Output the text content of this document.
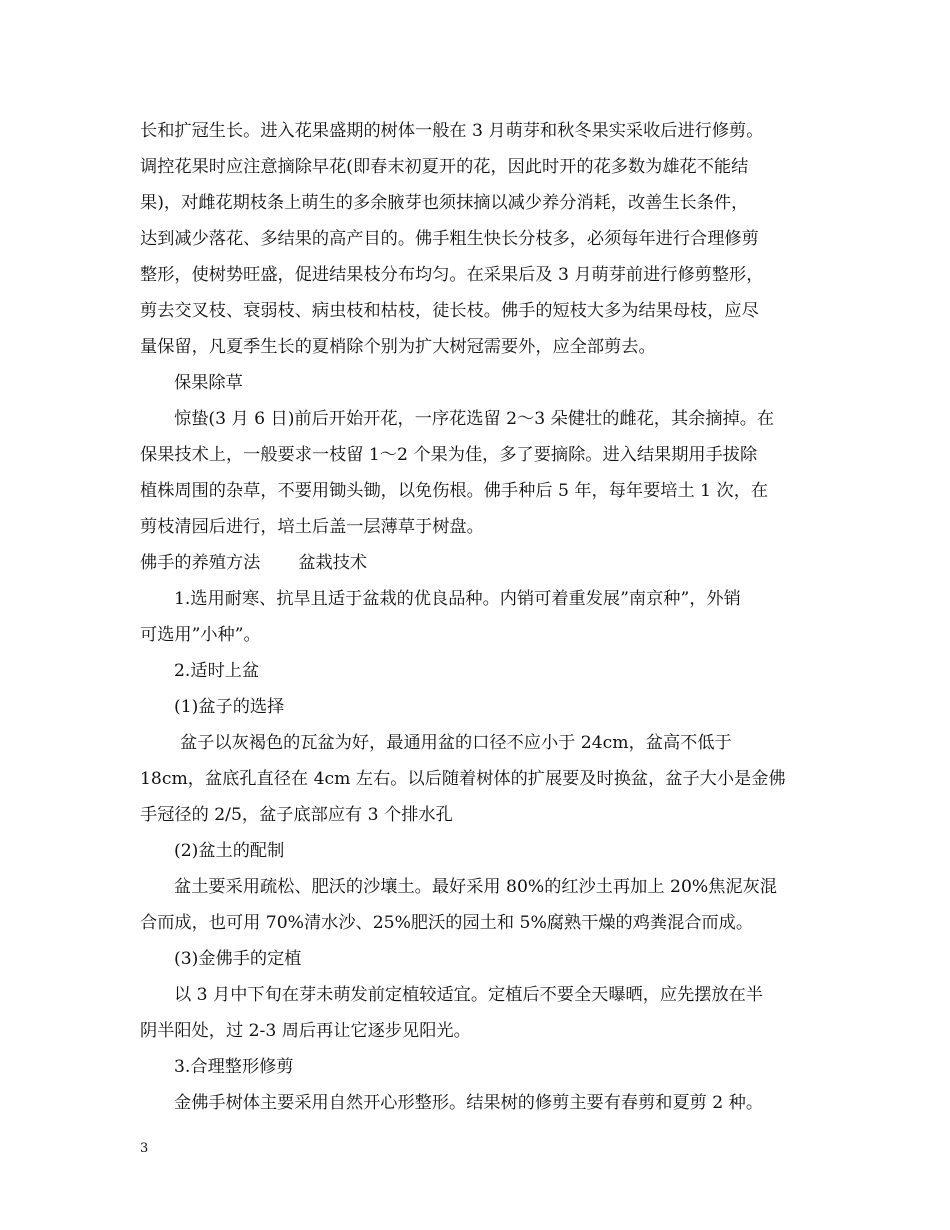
长和扩冠生长。进入花果盛期的树体一般在 3 月萌芽和秋冬果实采收后进行修剪。
调控花果时应注意摘除早花(即春末初夏开的花，因此时开的花多数为雄花不能结
果)，对雌花期枝条上萌生的多余腋芽也须抹摘以减少养分消耗，改善生长条件，
达到减少落花、多结果的高产目的。佛手粗生快长分枝多，必须每年进行合理修剪
整形，使树势旺盛，促进结果枝分布均匀。在采果后及 3 月萌芽前进行修剪整形，
剪去交叉枝、衰弱枝、病虫枝和枯枝，徒长枝。佛手的短枝大多为结果母枝，应尽
量保留，凡夏季生长的夏梢除个别为扩大树冠需要外，应全部剪去。
保果除草
惊蛰(3 月 6 日)前后开始开花，一序花选留 2～3 朵健壮的雌花，其余摘掉。在
保果技术上，一般要求一枝留 1～2 个果为佳，多了要摘除。进入结果期用手拔除
植株周围的杂草，不要用锄头锄，以免伤根。佛手种后 5 年，每年要培土 1 次，在
剪枝清园后进行，培土后盖一层薄草于树盘。
佛手的养殖方法 盆栽技术
1.选用耐寒、抗旱且适于盆栽的优良品种。内销可着重发展”南京种”，外销
可选用”小种”。
2.适时上盆
(1)盆子的选择
盆子以灰褐色的瓦盆为好，最通用盆的口径不应小于 24cm，盆高不低于
18cm，盆底孔直径在 4cm 左右。以后随着树体的扩展要及时换盆，盆子大小是金佛
手冠径的 2/5，盆子底部应有 3 个排水孔
(2)盆土的配制
盆土要采用疏松、肥沃的沙壤土。最好采用 80%的红沙土再加上 20%焦泥灰混
合而成，也可用 70%清水沙、25%肥沃的园土和 5%腐熟干燥的鸡粪混合而成。
(3)金佛手的定植
以 3 月中下旬在芽未萌发前定植较适宜。定植后不要全天曝晒，应先摆放在半
阴半阳处，过 2-3 周后再让它逐步见阳光。
3.合理整形修剪
金佛手树体主要采用自然开心形整形。结果树的修剪主要有春剪和夏剪 2 种。
3
